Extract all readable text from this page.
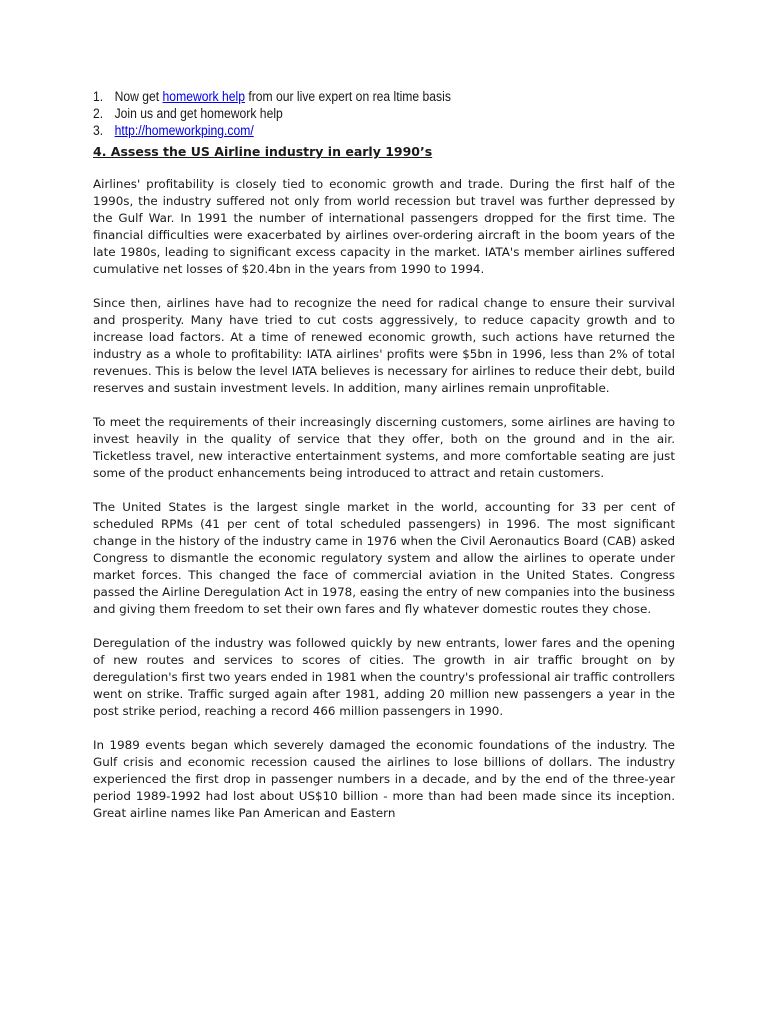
1. Now get homework help from our live expert on rea ltime basis
2. Join us and get homework help
3. http://homeworkping.com/
4. Assess the US Airline industry in early 1990’s

Airlines' profitability is closely tied to economic growth and trade. During the first half of the 1990s, the industry suffered not only from world recession but travel was further depressed by the Gulf War. In 1991 the number of international passengers dropped for the first time. The financial difficulties were exacerbated by airlines over-ordering aircraft in the boom years of the late 1980s, leading to significant excess capacity in the market. IATA's member airlines suffered cumulative net losses of $20.4bn in the years from 1990 to 1994.

Since then, airlines have had to recognize the need for radical change to ensure their survival and prosperity. Many have tried to cut costs aggressively, to reduce capacity growth and to increase load factors. At a time of renewed economic growth, such actions have returned the industry as a whole to profitability: IATA airlines' profits were $5bn in 1996, less than 2% of total revenues. This is below the level IATA believes is necessary for airlines to reduce their debt, build reserves and sustain investment levels. In addition, many airlines remain unprofitable.

To meet the requirements of their increasingly discerning customers, some airlines are having to invest heavily in the quality of service that they offer, both on the ground and in the air. Ticketless travel, new interactive entertainment systems, and more comfortable seating are just some of the product enhancements being introduced to attract and retain customers.

The United States is the largest single market in the world, accounting for 33 per cent of scheduled RPMs (41 per cent of total scheduled passengers) in 1996. The most significant change in the history of the industry came in 1976 when the Civil Aeronautics Board (CAB) asked Congress to dismantle the economic regulatory system and allow the airlines to operate under market forces. This changed the face of commercial aviation in the United States. Congress passed the Airline Deregulation Act in 1978, easing the entry of new companies into the business and giving them freedom to set their own fares and fly whatever domestic routes they chose.

Deregulation of the industry was followed quickly by new entrants, lower fares and the opening of new routes and services to scores of cities. The growth in air traffic brought on by deregulation's first two years ended in 1981 when the country's professional air traffic controllers went on strike. Traffic surged again after 1981, adding 20 million new passengers a year in the post strike period, reaching a record 466 million passengers in 1990.

In 1989 events began which severely damaged the economic foundations of the industry. The Gulf crisis and economic recession caused the airlines to lose billions of dollars. The industry experienced the first drop in passenger numbers in a decade, and by the end of the three-year period 1989-1992 had lost about US$10 billion - more than had been made since its inception. Great airline names like Pan American and Eastern
